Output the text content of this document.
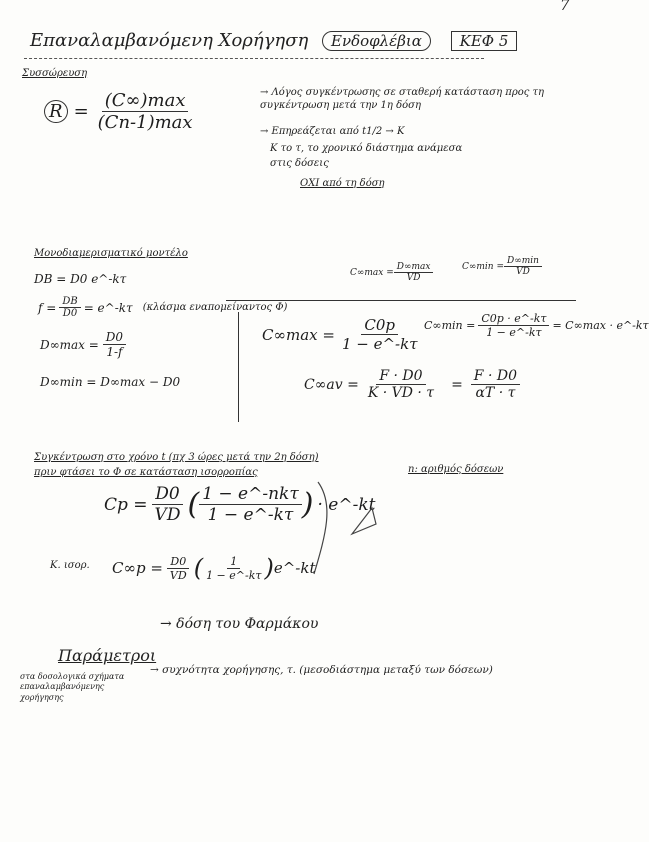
7
Επαναλαμβανόμενη Χορήγηση Ενδοφλέβια	ΚΕΦ 5
Συσσώρευση
$R = \frac{(C\infty)\max}{(Cn-1)\max}$	→ Λόγος συγκέντρωσης σε σταθερή κατάσταση προς τη συγκέντρωση μετά την 1η δόση
→ Επηρεάζεται από t1/2 → K
K το τ, το χρονικό διάστημα ανάμεσα
στις δόσεις
ΟΧΙ από τη δόση
Μονοδιαμερισματικό μοντέλο
DB = D0 e^-kτ
$f = \frac{DB}{D0}$ = e^-kτ (κλάσμα εναπομείναντος Φ)
$C\infty\max = \frac{D\infty\max}{VD}$	$C\infty\min = \frac{D\infty\min}{VD}$
$D\infty\max = \frac{D0}{1-f}$
D∞min = D∞max − D0
$C\infty\max = \frac{C0p}{1 - e\^{}-k\tau} C\infty\min = \frac{C0p \cdot e\^{}-k\tau}{1 - e\^{}-k\tau} = C\infty\max$ · e^-kτ
$C\infty av = \frac{F \cdot D0}{K \cdot VD \cdot \tau} = \frac{F \cdot D0}{\alpha T \cdot \tau}$
Συγκέντρωση στο χρόνο t (πχ 3 ώρες μετά την 2η δόση)
πριν φτάσει το Φ σε κατάσταση ισορροπίας	n: αριθμός δόσεων
$Cp = \frac{D0}{VD}$ ( $\frac{\text{1 − e\textasciicircum{}-nkτ}}{1 - e\^{}-k\tau}$ ) · e^-kt
Κ. ισορ. $C\infty p = \frac{D0}{VD}$ ( $\frac{1}{1 - e\^{}-k\tau}$ ) e^-kt
Παράμετροι
στα δοσολογικά σχήματα επαναλαμβανόμενης χορήγησης
→ δόση του Φαρμάκου
→ συχνότητα χορήγησης, τ. (μεσοδιάστημα μεταξύ των δόσεων)
